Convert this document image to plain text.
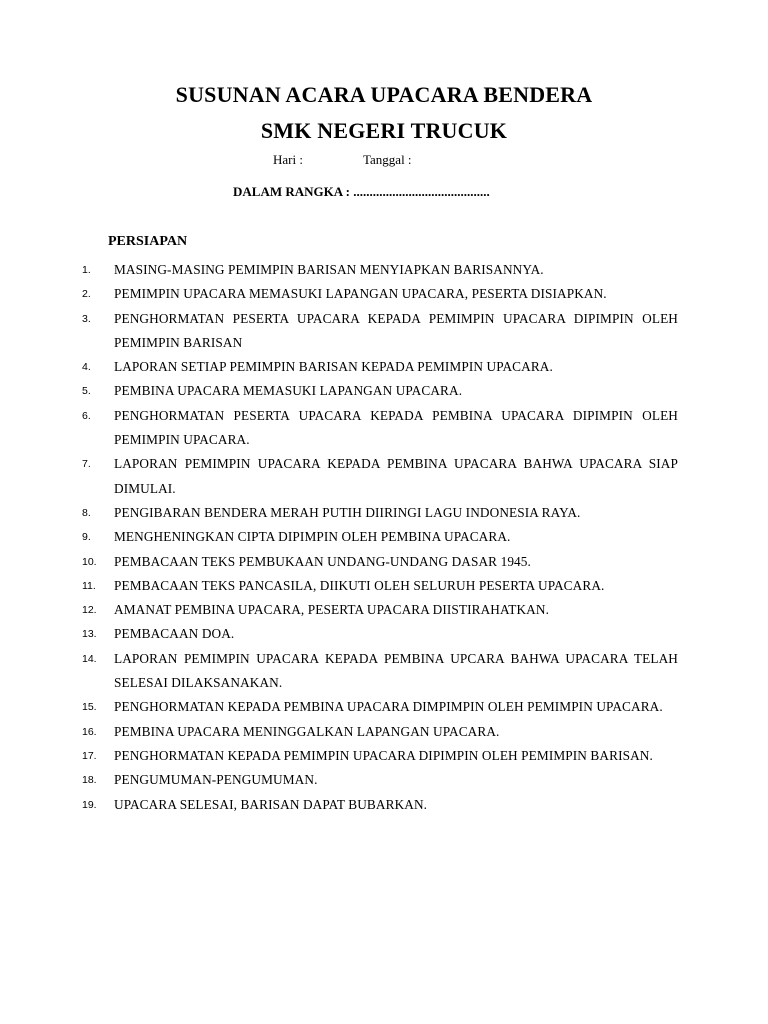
SUSUNAN ACARA UPACARA BENDERA
SMK NEGERI TRUCUK
Hari :	Tanggal :
DALAM RANGKA : ..........................................
PERSIAPAN
1.	MASING-MASING PEMIMPIN BARISAN MENYIAPKAN BARISANNYA.
2.	PEMIMPIN UPACARA MEMASUKI LAPANGAN UPACARA, PESERTA DISIAPKAN.
3.	PENGHORMATAN PESERTA UPACARA KEPADA PEMIMPIN UPACARA DIPIMPIN OLEH PEMIMPIN BARISAN
4.	LAPORAN SETIAP PEMIMPIN BARISAN KEPADA PEMIMPIN UPACARA.
5.	PEMBINA UPACARA MEMASUKI LAPANGAN UPACARA.
6.	PENGHORMATAN PESERTA UPACARA KEPADA PEMBINA UPACARA DIPIMPIN OLEH PEMIMPIN UPACARA.
7.	LAPORAN PEMIMPIN UPACARA KEPADA PEMBINA UPACARA BAHWA UPACARA SIAP DIMULAI.
8.	PENGIBARAN BENDERA MERAH PUTIH DIIRINGI LAGU INDONESIA RAYA.
9.	MENGHENINGKAN CIPTA DIPIMPIN OLEH PEMBINA UPACARA.
10.	PEMBACAAN TEKS PEMBUKAAN UNDANG-UNDANG DASAR 1945.
11.	PEMBACAAN TEKS PANCASILA, DIIKUTI OLEH SELURUH PESERTA UPACARA.
12.	AMANAT PEMBINA UPACARA, PESERTA UPACARA DIISTIRAHATKAN.
13.	PEMBACAAN DOA.
14.	LAPORAN PEMIMPIN UPACARA KEPADA PEMBINA UPCARA BAHWA UPACARA TELAH SELESAI DILAKSANAKAN.
15.	PENGHORMATAN KEPADA PEMBINA UPACARA DIMPIMPIN OLEH PEMIMPIN UPACARA.
16.	PEMBINA UPACARA MENINGGALKAN LAPANGAN UPACARA.
17.	PENGHORMATAN KEPADA PEMIMPIN UPACARA DIPIMPIN OLEH PEMIMPIN BARISAN.
18.	PENGUMUMAN-PENGUMUMAN.
19.	UPACARA SELESAI, BARISAN DAPAT BUBARKAN.
